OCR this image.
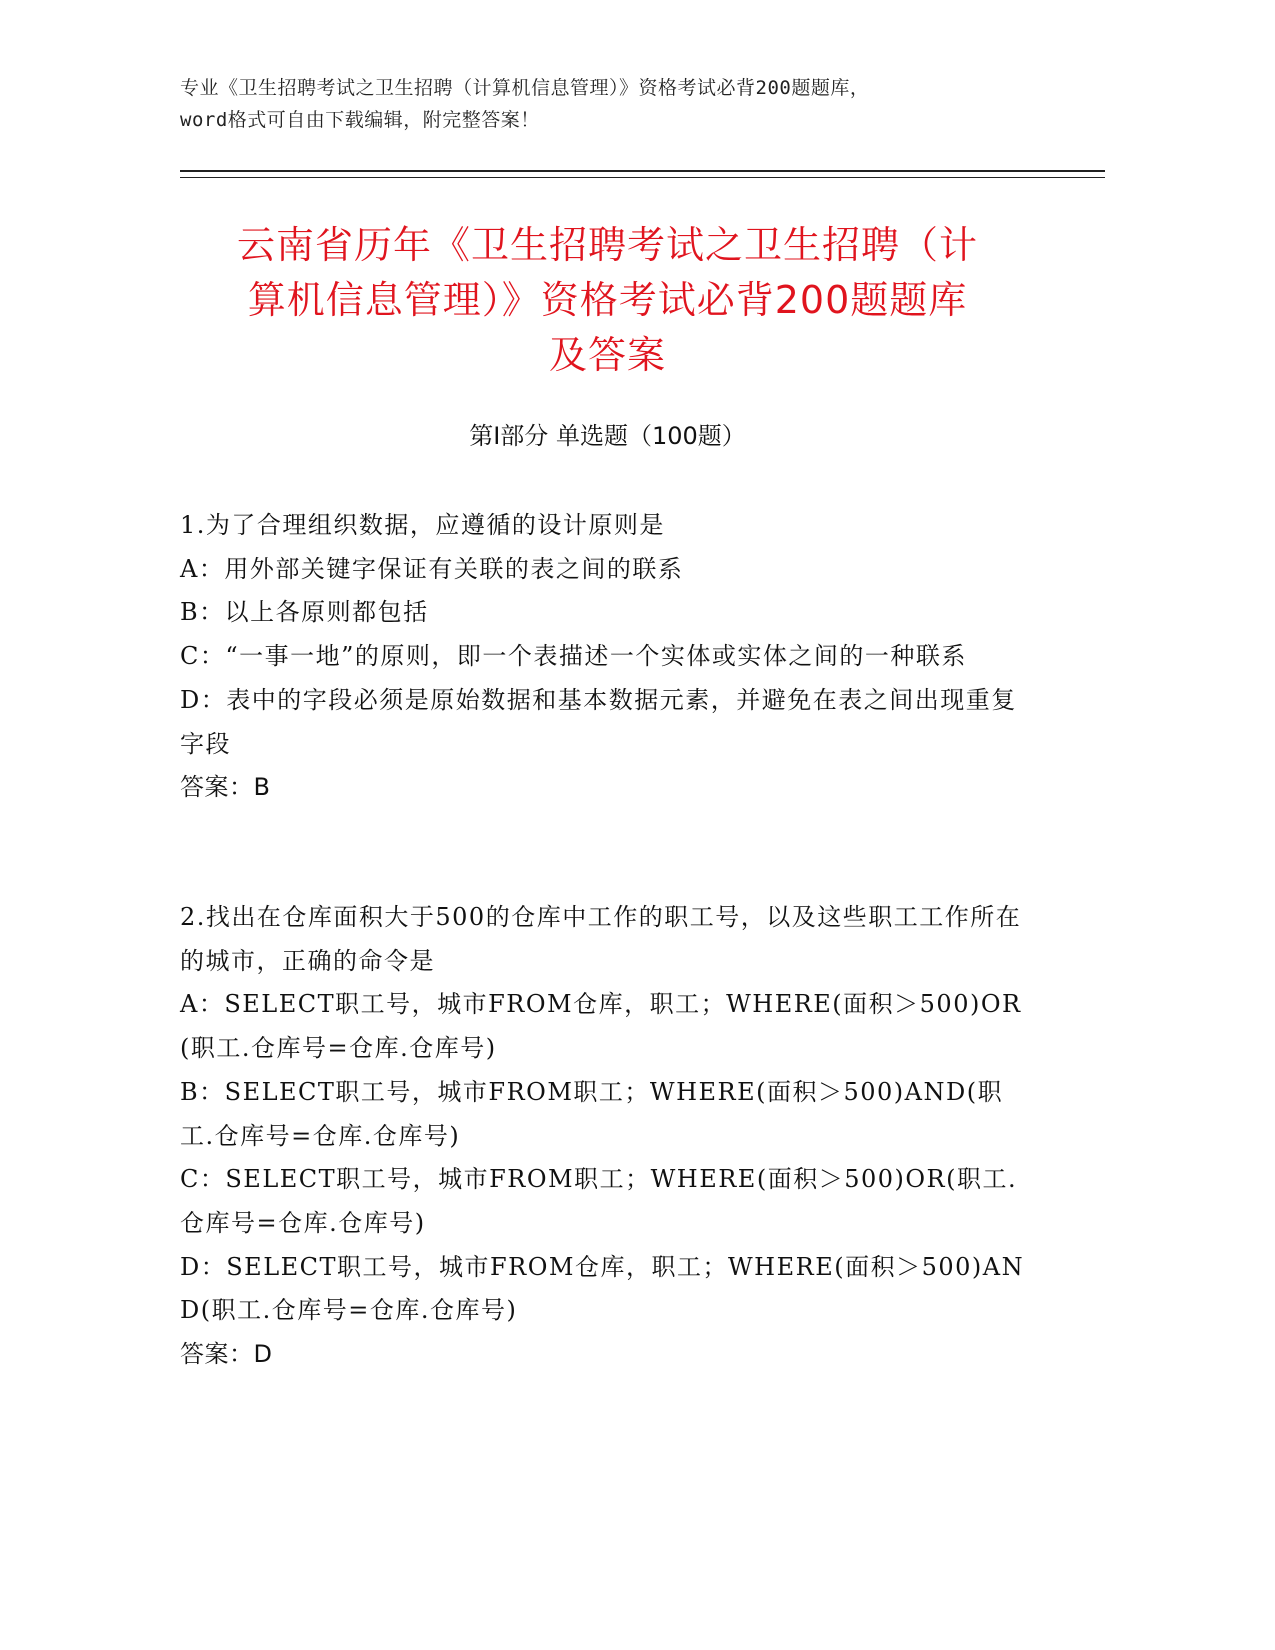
专业《卫生招聘考试之卫生招聘（计算机信息管理）》资格考试必背200题题库，
word格式可自由下载编辑，附完整答案！
云南省历年《卫生招聘考试之卫生招聘（计
算机信息管理）》资格考试必背200题题库
及答案
第Ⅰ部分 单选题（100题）
1.为了合理组织数据，应遵循的设计原则是
A：用外部关键字保证有关联的表之间的联系
B：以上各原则都包括
C：“一事一地”的原则，即一个表描述一个实体或实体之间的一种联系
D：表中的字段必须是原始数据和基本数据元素，并避免在表之间出现重复字段
答案：B
2.找出在仓库面积大于500的仓库中工作的职工号，以及这些职工工作所在的城市，正确的命令是
A：SELECT职工号，城市FROM仓库，职工；WHERE(面积＞500)OR(职工.仓库号=仓库.仓库号)
B：SELECT职工号，城市FROM职工；WHERE(面积＞500)AND(职工.仓库号=仓库.仓库号)
C：SELECT职工号，城市FROM职工；WHERE(面积＞500)OR(职工.仓库号=仓库.仓库号)
D：SELECT职工号，城市FROM仓库，职工；WHERE(面积＞500)AND(职工.仓库号=仓库.仓库号)
答案：D
